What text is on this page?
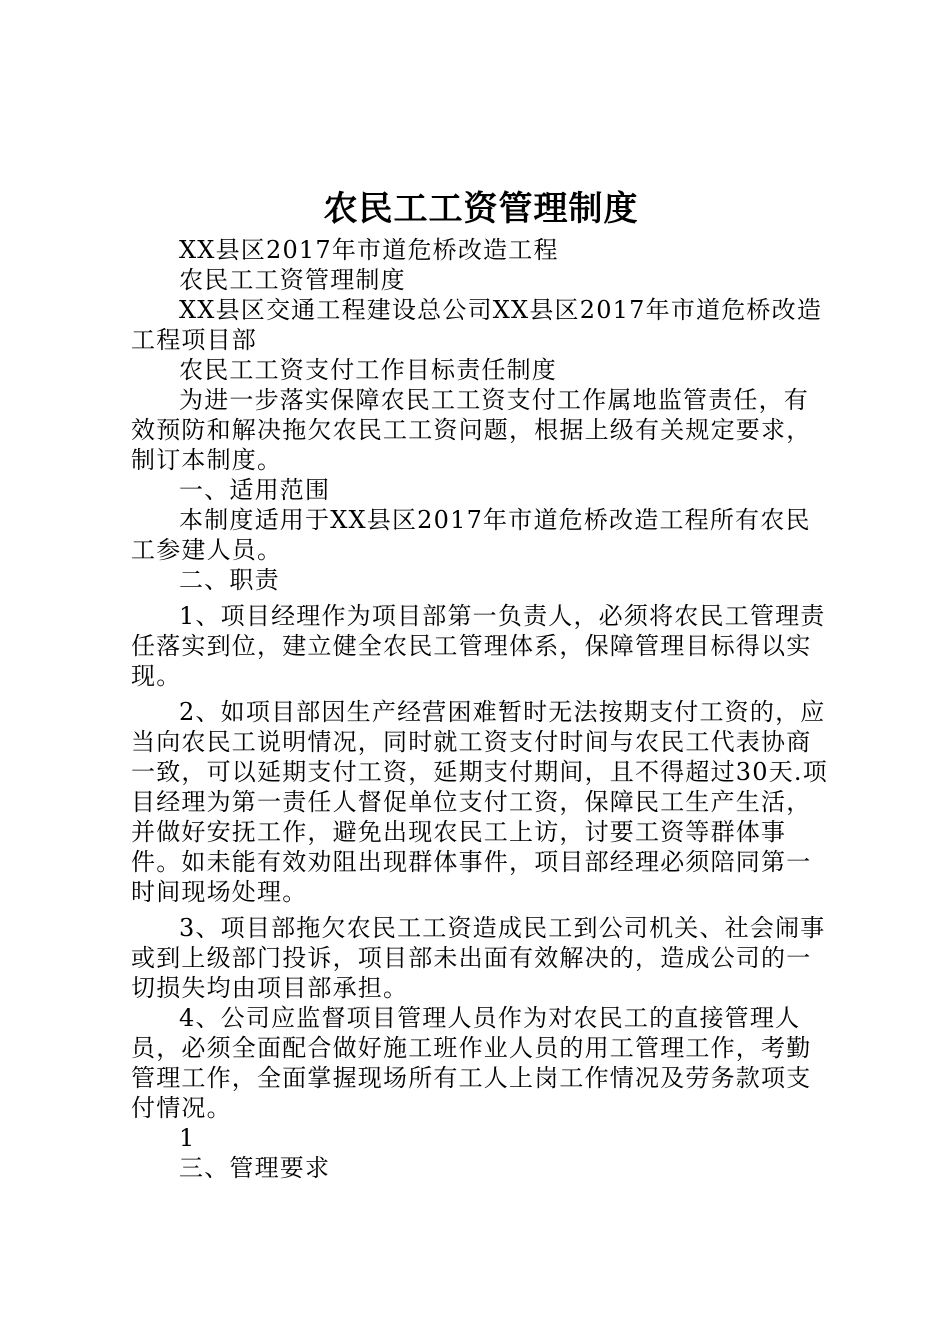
农民工工资管理制度

XX县区2017年市道危桥改造工程

农民工工资管理制度

XX县区交通工程建设总公司XX县区2017年市道危桥改造工程项目部

农民工工资支付工作目标责任制度

为进一步落实保障农民工工资支付工作属地监管责任，有效预防和解决拖欠农民工工资问题，根据上级有关规定要求，制订本制度。

一、适用范围

本制度适用于XX县区2017年市道危桥改造工程所有农民工参建人员。

二、职责

1、项目经理作为项目部第一负责人，必须将农民工管理责任落实到位，建立健全农民工管理体系，保障管理目标得以实现。

2、如项目部因生产经营困难暂时无法按期支付工资的，应当向农民工说明情况，同时就工资支付时间与农民工代表协商一致，可以延期支付工资，延期支付期间，且不得超过30天.项目经理为第一责任人督促单位支付工资，保障民工生产生活，并做好安抚工作，避免出现农民工上访，讨要工资等群体事件。如未能有效劝阻出现群体事件，项目部经理必须陪同第一时间现场处理。

3、项目部拖欠农民工工资造成民工到公司机关、社会闹事或到上级部门投诉，项目部未出面有效解决的，造成公司的一切损失均由项目部承担。

4、公司应监督项目管理人员作为对农民工的直接管理人员，必须全面配合做好施工班作业人员的用工管理工作，考勤管理工作，全面掌握现场所有工人上岗工作情况及劳务款项支付情况。

1

三、管理要求
